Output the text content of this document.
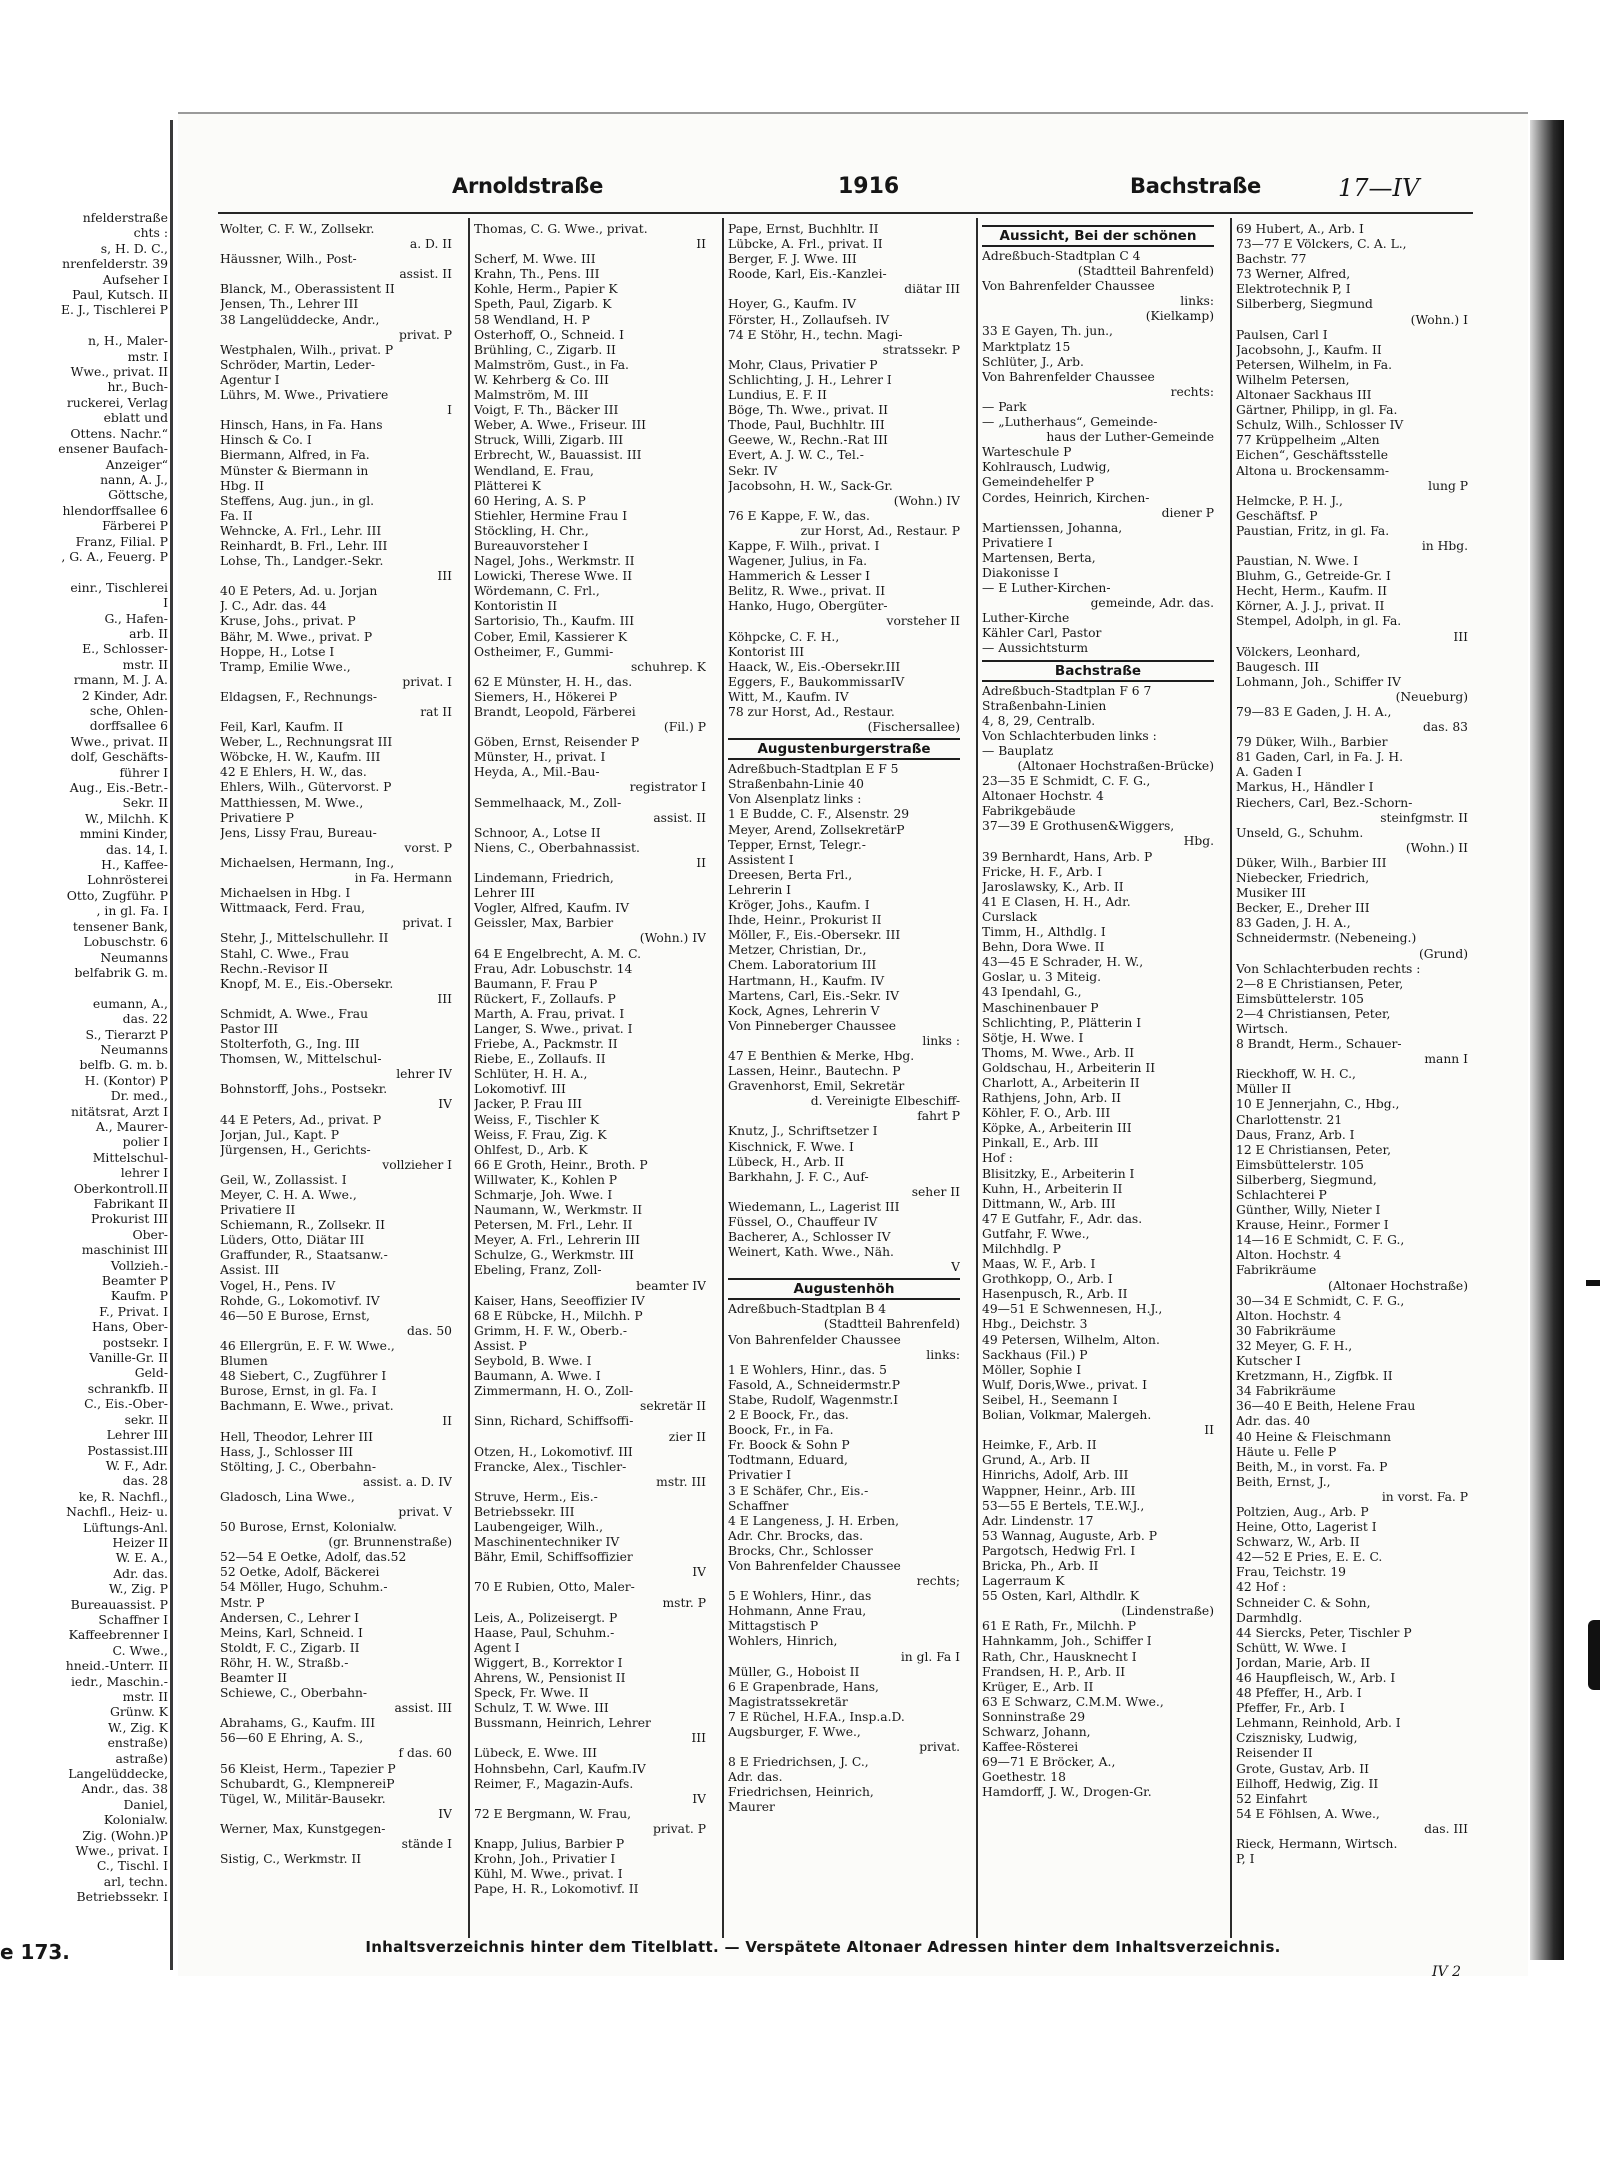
nfelderstraße
chts :
s, H. D. C.,
nrenfelderstr. 39
Aufseher I
Paul, Kutsch. II
E. J., Tischlerei P

n, H., Maler-
mstr. I
Wwe., privat. II
hr., Buch-
ruckerei, Verlag
eblatt und
Ottens. Nachr.“
ensener Baufach-
Anzeiger“
nann, A. J.,
Göttsche,
hlendorffsallee 6
Färberei P
Franz, Filial. P
, G. A., Feuerg. P

einr., Tischlerei
I
G., Hafen-
arb. II
E., Schlosser-
mstr. II
rmann, M. J. A.
2 Kinder, Adr.
sche, Ohlen-
dorffsallee 6
Wwe., privat. II
dolf, Geschäfts-
führer I
Aug., Eis.-Betr.-
Sekr. II
W., Milchh. K
mmini Kinder,
das. 14, I.
H., Kaffee-
Lohnrösterei
Otto, Zugführ. P
, in gl. Fa. I
tensener Bank,
Lobuschstr. 6
Neumanns
belfabrik G. m.

eumann, A.,
das. 22
S., Tierarzt P
Neumanns
belfb. G. m. b.
H. (Kontor) P
Dr. med.,
nitätsrat, Arzt I
A., Maurer-
polier I
Mittelschul-
lehrer I
Oberkontroll.II
Fabrikant II
Prokurist III
Ober-
maschinist III
Vollzieh.-
Beamter P
Kaufm. P
F., Privat. I
Hans, Ober-
postsekr. I
Vanille-Gr. II
Geld-
schrankfb. II
C., Eis.-Ober-
sekr. II
Lehrer III
Postassist.III
W. F., Adr.
das. 28
ke, R. Nachfl.,
Nachfl., Heiz- u.
Lüftungs-Anl.
Heizer II
W. E. A.,
Adr. das.
W., Zig. P
Bureauassist. P
Schaffner I
Kaffeebrenner I
C. Wwe.,
hneid.-Unterr. II
iedr., Maschin.-
mstr. II
Grünw. K
W., Zig. K
enstraße)
astraße)
Langelüddecke,
Andr., das. 38
Daniel,
Kolonialw.
Zig. (Wohn.)P
Wwe., privat. I
C., Tischl. I
arl, techn.
Betriebssekr. I
e 173.
Arnoldstraße	1916	Bachstraße	17—IV
Wolter, C. F. W., Zollsekr.
a. D. II
Häussner, Wilh., Post-
assist. II
Blanck, M., Oberassistent II
Jensen, Th., Lehrer III
38 Langelüddecke, Andr.,
privat. P
Westphalen, Wilh., privat. P
Schröder, Martin, Leder-
Agentur I
Lührs, M. Wwe., Privatiere
I
Hinsch, Hans, in Fa. Hans
Hinsch & Co. I
Biermann, Alfred, in Fa.
Münster & Biermann in
Hbg. II
Steffens, Aug. jun., in gl.
Fa. II
Wehncke, A. Frl., Lehr. III
Reinhardt, B. Frl., Lehr. III
Lohse, Th., Landger.-Sekr.
III
40 E Peters, Ad. u. Jorjan
J. C., Adr. das. 44
Kruse, Johs., privat. P
Bähr, M. Wwe., privat. P
Hoppe, H., Lotse I
Tramp, Emilie Wwe.,
privat. I
Eldagsen, F., Rechnungs-
rat II
Feil, Karl, Kaufm. II
Weber, L., Rechnungsrat III
Wöbcke, H. W., Kaufm. III
42 E Ehlers, H. W., das.
Ehlers, Wilh., Gütervorst. P
Matthiessen, M. Wwe.,
Privatiere P
Jens, Lissy Frau, Bureau-
vorst. P
Michaelsen, Hermann, Ing.,
in Fa. Hermann
Michaelsen in Hbg. I
Wittmaack, Ferd. Frau,
privat. I
Stehr, J., Mittelschullehr. II
Stahl, C. Wwe., Frau
Rechn.-Revisor II
Knopf, M. E., Eis.-Obersekr.
III
Schmidt, A. Wwe., Frau
Pastor III
Stolterfoth, G., Ing. III
Thomsen, W., Mittelschul-
lehrer IV
Bohnstorff, Johs., Postsekr.
IV
44 E Peters, Ad., privat. P
Jorjan, Jul., Kapt. P
Jürgensen, H., Gerichts-
vollzieher I
Geil, W., Zollassist. I
Meyer, C. H. A. Wwe.,
Privatiere II
Schiemann, R., Zollsekr. II
Lüders, Otto, Diätar III
Graffunder, R., Staatsanw.-
Assist. III
Vogel, H., Pens. IV
Rohde, G., Lokomotivf. IV
46—50 E Burose, Ernst,
das. 50
46 Ellergrün, E. F. W. Wwe.,
Blumen
48 Siebert, C., Zugführer I
Burose, Ernst, in gl. Fa. I
Bachmann, E. Wwe., privat.
II
Hell, Theodor, Lehrer III
Hass, J., Schlosser III
Stölting, J. C., Oberbahn-
assist. a. D. IV
Gladosch, Lina Wwe.,
privat. V
50 Burose, Ernst, Kolonialw.
(gr. Brunnenstraße)
52—54 E Oetke, Adolf, das.52
52 Oetke, Adolf, Bäckerei
54 Möller, Hugo, Schuhm.-
Mstr. P
Andersen, C., Lehrer I
Meins, Karl, Schneid. I
Stoldt, F. C., Zigarb. II
Röhr, H. W., Straßb.-
Beamter II
Schiewe, C., Oberbahn-
assist. III
Abrahams, G., Kaufm. III
56—60 E Ehring, A. S.,
f das. 60
56 Kleist, Herm., Tapezier P
Schubardt, G., KlempnereiP
Tügel, W., Militär-Bausekr.
IV
Werner, Max, Kunstgegen-
stände I
Sistig, C., Werkmstr. II
Thomas, C. G. Wwe., privat.
II
Scherf, M. Wwe. III
Krahn, Th., Pens. III
Kohle, Herm., Papier K
Speth, Paul, Zigarb. K
58 Wendland, H. P
Osterhoff, O., Schneid. I
Brühling, C., Zigarb. II
Malmström, Gust., in Fa.
W. Kehrberg & Co. III
Malmström, M. III
Voigt, F. Th., Bäcker III
Weber, A. Wwe., Friseur. III
Struck, Willi, Zigarb. III
Erbrecht, W., Bauassist. III
Wendland, E. Frau,
Plätterei K
60 Hering, A. S. P
Stiehler, Hermine Frau I
Stöckling, H. Chr.,
Bureauvorsteher I
Nagel, Johs., Werkmstr. II
Lowicki, Therese Wwe. II
Wördemann, C. Frl.,
Kontoristin II
Sartorisio, Th., Kaufm. III
Cober, Emil, Kassierer K
Ostheimer, F., Gummi-
schuhrep. K
62 E Münster, H. H., das.
Siemers, H., Hökerei P
Brandt, Leopold, Färberei
(Fil.) P
Göben, Ernst, Reisender P
Münster, H., privat. I
Heyda, A., Mil.-Bau-
registrator I
Semmelhaack, M., Zoll-
assist. II
Schnoor, A., Lotse II
Niens, C., Oberbahnassist.
II
Lindemann, Friedrich,
Lehrer III
Vogler, Alfred, Kaufm. IV
Geissler, Max, Barbier
(Wohn.) IV
64 E Engelbrecht, A. M. C.
Frau, Adr. Lobuschstr. 14
Baumann, F. Frau P
Rückert, F., Zollaufs. P
Marth, A. Frau, privat. I
Langer, S. Wwe., privat. I
Friebe, A., Packmstr. II
Riebe, E., Zollaufs. II
Schlüter, H. H. A.,
Lokomotivf. III
Jacker, P. Frau III
Weiss, F., Tischler K
Weiss, F. Frau, Zig. K
Ohlfest, D., Arb. K
66 E Groth, Heinr., Broth. P
Willwater, K., Kohlen P
Schmarje, Joh. Wwe. I
Naumann, W., Werkmstr. II
Petersen, M. Frl., Lehr. II
Meyer, A. Frl., Lehrerin III
Schulze, G., Werkmstr. III
Ebeling, Franz, Zoll-
beamter IV
Kaiser, Hans, Seeoffizier IV
68 E Rübcke, H., Milchh. P
Grimm, H. F. W., Oberb.-
Assist. P
Seybold, B. Wwe. I
Baumann, A. Wwe. I
Zimmermann, H. O., Zoll-
sekretär II
Sinn, Richard, Schiffsoffi-
zier II
Otzen, H., Lokomotivf. III
Francke, Alex., Tischler-
mstr. III
Struve, Herm., Eis.-
Betriebssekr. III
Laubengeiger, Wilh.,
Maschinentechniker IV
Bähr, Emil, Schiffsoffizier
IV
70 E Rubien, Otto, Maler-
mstr. P
Leis, A., Polizeisergt. P
Haase, Paul, Schuhm.-
Agent I
Wiggert, B., Korrektor I
Ahrens, W., Pensionist II
Speck, Fr. Wwe. II
Schulz, T. W. Wwe. III
Bussmann, Heinrich, Lehrer
III
Lübeck, E. Wwe. III
Hohnsbehn, Carl, Kaufm.IV
Reimer, F., Magazin-Aufs.
IV
72 E Bergmann, W. Frau,
privat. P
Knapp, Julius, Barbier P
Krohn, Joh., Privatier I
Kühl, M. Wwe., privat. I
Pape, H. R., Lokomotivf. II
Pape, Ernst, Buchhltr. II
Lübcke, A. Frl., privat. II
Berger, F. J. Wwe. III
Roode, Karl, Eis.-Kanzlei-
diätar III
Hoyer, G., Kaufm. IV
Förster, H., Zollaufseh. IV
74 E Stöhr, H., techn. Magi-
stratssekr. P
Mohr, Claus, Privatier P
Schlichting, J. H., Lehrer I
Lundius, E. F. II
Böge, Th. Wwe., privat. II
Thode, Paul, Buchhltr. III
Geewe, W., Rechn.-Rat III
Evert, A. J. W. C., Tel.-
Sekr. IV
Jacobsohn, H. W., Sack-Gr.
(Wohn.) IV
76 E Kappe, F. W., das.
zur Horst, Ad., Restaur. P
Kappe, F. Wilh., privat. I
Wagener, Julius, in Fa.
Hammerich & Lesser I
Belitz, R. Wwe., privat. II
Hanko, Hugo, Obergüter-
vorsteher II
Köhpcke, C. F. H.,
Kontorist III
Haack, W., Eis.-Obersekr.III
Eggers, F., BaukommissarIV
Witt, M., Kaufm. IV
78 zur Horst, Ad., Restaur.
(Fischersallee)
Augustenburgerstraße
Adreßbuch-Stadtplan E F 5
Straßenbahn-Linie 40
Von Alsenplatz links :
1 E Budde, C. F., Alsenstr. 29
Meyer, Arend, ZollsekretärP
Tepper, Ernst, Telegr.-
Assistent I
Dreesen, Berta Frl.,
Lehrerin I
Kröger, Johs., Kaufm. I
Ihde, Heinr., Prokurist II
Möller, F., Eis.-Obersekr. III
Metzer, Christian, Dr.,
Chem. Laboratorium III
Hartmann, H., Kaufm. IV
Martens, Carl, Eis.-Sekr. IV
Kock, Agnes, Lehrerin V
Von Pinneberger Chaussee
links :
47 E Benthien & Merke, Hbg.
Lassen, Heinr., Bautechn. P
Gravenhorst, Emil, Sekretär
d. Vereinigte Elbeschiff-
fahrt P
Knutz, J., Schriftsetzer I
Kischnick, F. Wwe. I
Lübeck, H., Arb. II
Barkhahn, J. F. C., Auf-
seher II
Wiedemann, L., Lagerist III
Füssel, O., Chauffeur IV
Bacherer, A., Schlosser IV
Weinert, Kath. Wwe., Näh.
V
Augustenhöh
Adreßbuch-Stadtplan B 4
(Stadtteil Bahrenfeld)
Von Bahrenfelder Chaussee
links:
1 E Wohlers, Hinr., das. 5
Fasold, A., Schneidermstr.P
Stabe, Rudolf, Wagenmstr.I
2 E Boock, Fr., das.
Boock, Fr., in Fa.
Fr. Boock & Sohn P
Todtmann, Eduard,
Privatier I
3 E Schäfer, Chr., Eis.-
Schaffner
4 E Langeness, J. H. Erben,
Adr. Chr. Brocks, das.
Brocks, Chr., Schlosser
Von Bahrenfelder Chaussee
rechts;
5 E Wohlers, Hinr., das
Hohmann, Anne Frau,
Mittagstisch P
Wohlers, Hinrich,
in gl. Fa I
Müller, G., Hoboist II
6 E Grapenbrade, Hans,
Magistratssekretär
7 E Rüchel, H.F.A., Insp.a.D.
Augsburger, F. Wwe.,
privat.
8 E Friedrichsen, J. C.,
Adr. das.
Friedrichsen, Heinrich,
Maurer
Aussicht, Bei der schönen
Adreßbuch-Stadtplan C 4
(Stadtteil Bahrenfeld)
Von Bahrenfelder Chaussee
links:
(Kielkamp)
33 E Gayen, Th. jun.,
Marktplatz 15
Schlüter, J., Arb.
Von Bahrenfelder Chaussee
rechts:
— Park
— „Lutherhaus“, Gemeinde-
haus der Luther-Gemeinde
Warteschule P
Kohlrausch, Ludwig,
Gemeindehelfer P
Cordes, Heinrich, Kirchen-
diener P
Martienssen, Johanna,
Privatiere I
Martensen, Berta,
Diakonisse I
— E Luther-Kirchen-
gemeinde, Adr. das.
Luther-Kirche
Kähler Carl, Pastor
— Aussichtsturm
Bachstraße
Adreßbuch-Stadtplan F 6 7
Straßenbahn-Linien
4, 8, 29, Centralb.
Von Schlachterbuden links :
— Bauplatz
(Altonaer Hochstraßen-Brücke)
23—35 E Schmidt, C. F. G.,
Altonaer Hochstr. 4
Fabrikgebäude
37—39 E Grothusen&Wiggers,
Hbg.
39 Bernhardt, Hans, Arb. P
Fricke, H. F., Arb. I
Jaroslawsky, K., Arb. II
41 E Clasen, H. H., Adr.
Curslack
Timm, H., Althdlg. I
Behn, Dora Wwe. II
43—45 E Schrader, H. W.,
Goslar, u. 3 Miteig.
43 Ipendahl, G.,
Maschinenbauer P
Schlichting, P., Plätterin I
Sötje, H. Wwe. I
Thoms, M. Wwe., Arb. II
Goldschau, H., Arbeiterin II
Charlott, A., Arbeiterin II
Rathjens, John, Arb. II
Köhler, F. O., Arb. III
Köpke, A., Arbeiterin III
Pinkall, E., Arb. III
Hof :
Blisitzky, E., Arbeiterin I
Kuhn, H., Arbeiterin II
Dittmann, W., Arb. III
47 E Gutfahr, F., Adr. das.
Gutfahr, F. Wwe.,
Milchhdlg. P
Maas, W. F., Arb. I
Grothkopp, O., Arb. I
Hasenpusch, R., Arb. II
49—51 E Schwennesen, H.J.,
Hbg., Deichstr. 3
49 Petersen, Wilhelm, Alton.
Sackhaus (Fil.) P
Möller, Sophie I
Wulf, Doris,Wwe., privat. I
Seibel, H., Seemann I
Bolian, Volkmar, Malergeh.
II
Heimke, F., Arb. II
Grund, A., Arb. II
Hinrichs, Adolf, Arb. III
Wappner, Heinr., Arb. III
53—55 E Bertels, T.E.W.J.,
Adr. Lindenstr. 17
53 Wannag, Auguste, Arb. P
Pargotsch, Hedwig Frl. I
Bricka, Ph., Arb. II
Lagerraum K
55 Osten, Karl, Althdlr. K
(Lindenstraße)
61 E Rath, Fr., Milchh. P
Hahnkamm, Joh., Schiffer I
Rath, Chr., Hausknecht I
Frandsen, H. P., Arb. II
Krüger, E., Arb. II
63 E Schwarz, C.M.M. Wwe.,
Sonninstraße 29
Schwarz, Johann,
Kaffee-Rösterei
69—71 E Bröcker, A.,
Goethestr. 18
Hamdorff, J. W., Drogen-Gr.
69 Hubert, A., Arb. I
73—77 E Völckers, C. A. L.,
Bachstr. 77
73 Werner, Alfred,
Elektrotechnik P, I
Silberberg, Siegmund
(Wohn.) I
Paulsen, Carl I
Jacobsohn, J., Kaufm. II
Petersen, Wilhelm, in Fa.
Wilhelm Petersen,
Altonaer Sackhaus III
Gärtner, Philipp, in gl. Fa.
Schulz, Wilh., Schlosser IV
77 Krüppelheim „Alten
Eichen“, Geschäftsstelle
Altona u. Brockensamm-
lung P
Helmcke, P. H. J.,
Geschäftsf. P
Paustian, Fritz, in gl. Fa.
in Hbg.
Paustian, N. Wwe. I
Bluhm, G., Getreide-Gr. I
Hecht, Herm., Kaufm. II
Körner, A. J. J., privat. II
Stempel, Adolph, in gl. Fa.
III
Völckers, Leonhard,
Baugesch. III
Lohmann, Joh., Schiffer IV
(Neueburg)
79—83 E Gaden, J. H. A.,
das. 83
79 Düker, Wilh., Barbier
81 Gaden, Carl, in Fa. J. H.
A. Gaden I
Markus, H., Händler I
Riechers, Carl, Bez.-Schorn-
steinfgmstr. II
Unseld, G., Schuhm.
(Wohn.) II
Düker, Wilh., Barbier III
Niebecker, Friedrich,
Musiker III
Becker, E., Dreher III
83 Gaden, J. H. A.,
Schneidermstr. (Nebeneing.)
(Grund)
Von Schlachterbuden rechts :
2—8 E Christiansen, Peter,
Eimsbüttelerstr. 105
2—4 Christiansen, Peter,
Wirtsch.
8 Brandt, Herm., Schauer-
mann I
Rieckhoff, W. H. C.,
Müller II
10 E Jennerjahn, C., Hbg.,
Charlottenstr. 21
Daus, Franz, Arb. I
12 E Christiansen, Peter,
Eimsbüttelerstr. 105
Silberberg, Siegmund,
Schlachterei P
Günther, Willy, Nieter I
Krause, Heinr., Former I
14—16 E Schmidt, C. F. G.,
Alton. Hochstr. 4
Fabrikräume
(Altonaer Hochstraße)
30—34 E Schmidt, C. F. G.,
Alton. Hochstr. 4
30 Fabrikräume
32 Meyer, G. F. H.,
Kutscher I
Kretzmann, H., Zigfbk. II
34 Fabrikräume
36—40 E Beith, Helene Frau
Adr. das. 40
40 Heine & Fleischmann
Häute u. Felle P
Beith, M., in vorst. Fa. P
Beith, Ernst, J.,
in vorst. Fa. P
Poltzien, Aug., Arb. P
Heine, Otto, Lagerist I
Schwarz, W., Arb. II
42—52 E Pries, E. E. C.
Frau, Teichstr. 19
42 Hof :
Schneider C. & Sohn,
Darmhdlg.
44 Siercks, Peter, Tischler P
Schütt, W. Wwe. I
Jordan, Marie, Arb. II
46 Haupfleisch, W., Arb. I
48 Pfeffer, H., Arb. I
Pfeffer, Fr., Arb. I
Lehmann, Reinhold, Arb. I
Czisznisky, Ludwig,
Reisender II
Grote, Gustav, Arb. II
Eilhoff, Hedwig, Zig. II
52 Einfahrt
54 E Föhlsen, A. Wwe.,
das. III
Rieck, Hermann, Wirtsch.
P, I
Inhaltsverzeichnis hinter dem Titelblatt. — Verspätete Altonaer Adressen hinter dem Inhaltsverzeichnis.
IV 2
